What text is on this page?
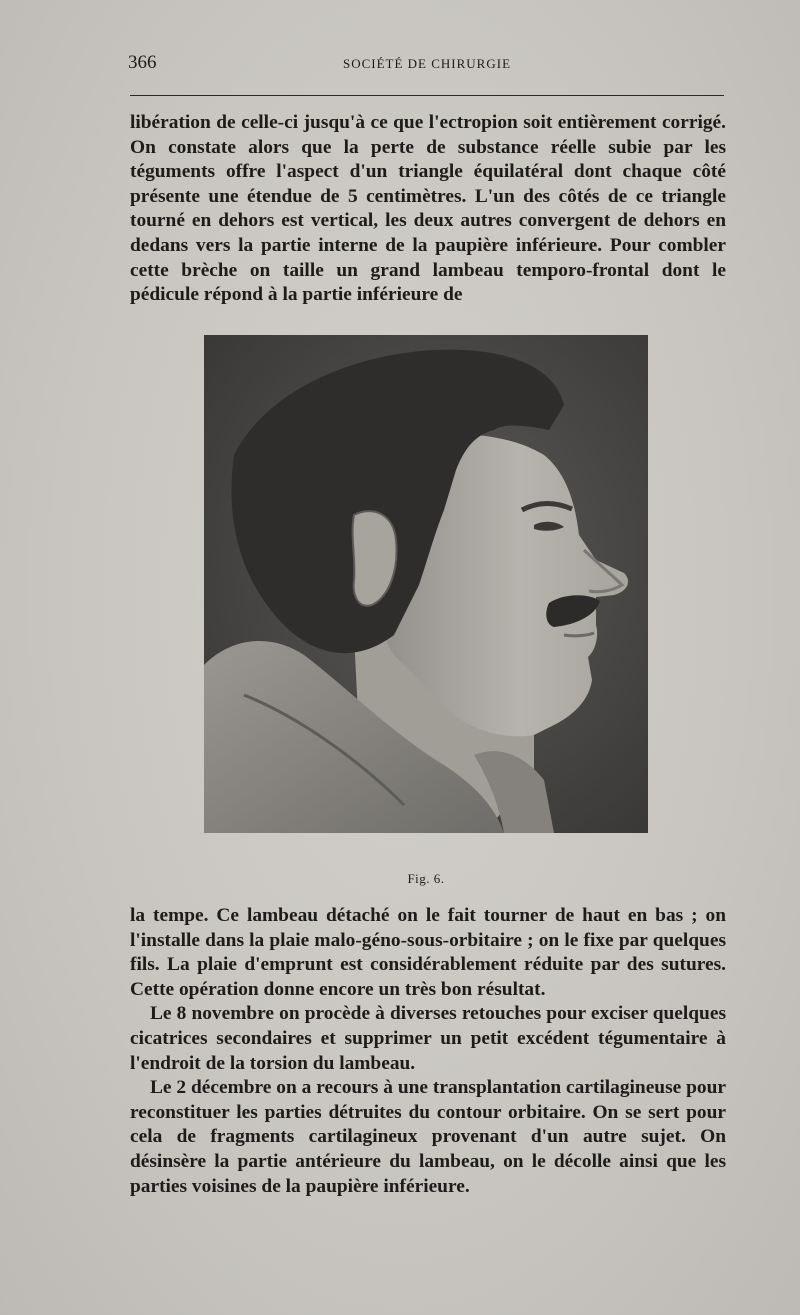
366	SOCIÉTÉ DE CHIRURGIE

libération de celle-ci jusqu'à ce que l'ectropion soit entièrement corrigé. On constate alors que la perte de substance réelle subie par les téguments offre l'aspect d'un triangle équilatéral dont chaque côté présente une étendue de 5 centimètres. L'un des côtés de ce triangle tourné en dehors est vertical, les deux autres convergent de dehors en dedans vers la partie interne de la paupière inférieure. Pour combler cette brèche on taille un grand lambeau temporo-frontal dont le pédicule répond à la partie inférieure de

Fig. 6.

la tempe. Ce lambeau détaché on le fait tourner de haut en bas ; on l'installe dans la plaie malo-géno-sous-orbitaire ; on le fixe par quelques fils. La plaie d'emprunt est considérablement réduite par des sutures. Cette opération donne encore un très bon résultat.

Le 8 novembre on procède à diverses retouches pour exciser quelques cicatrices secondaires et supprimer un petit excédent tégumentaire à l'endroit de la torsion du lambeau.

Le 2 décembre on a recours à une transplantation cartilagineuse pour reconstituer les parties détruites du contour orbitaire. On se sert pour cela de fragments cartilagineux provenant d'un autre sujet. On désinsère la partie antérieure du lambeau, on le décolle ainsi que les parties voisines de la paupière inférieure.
